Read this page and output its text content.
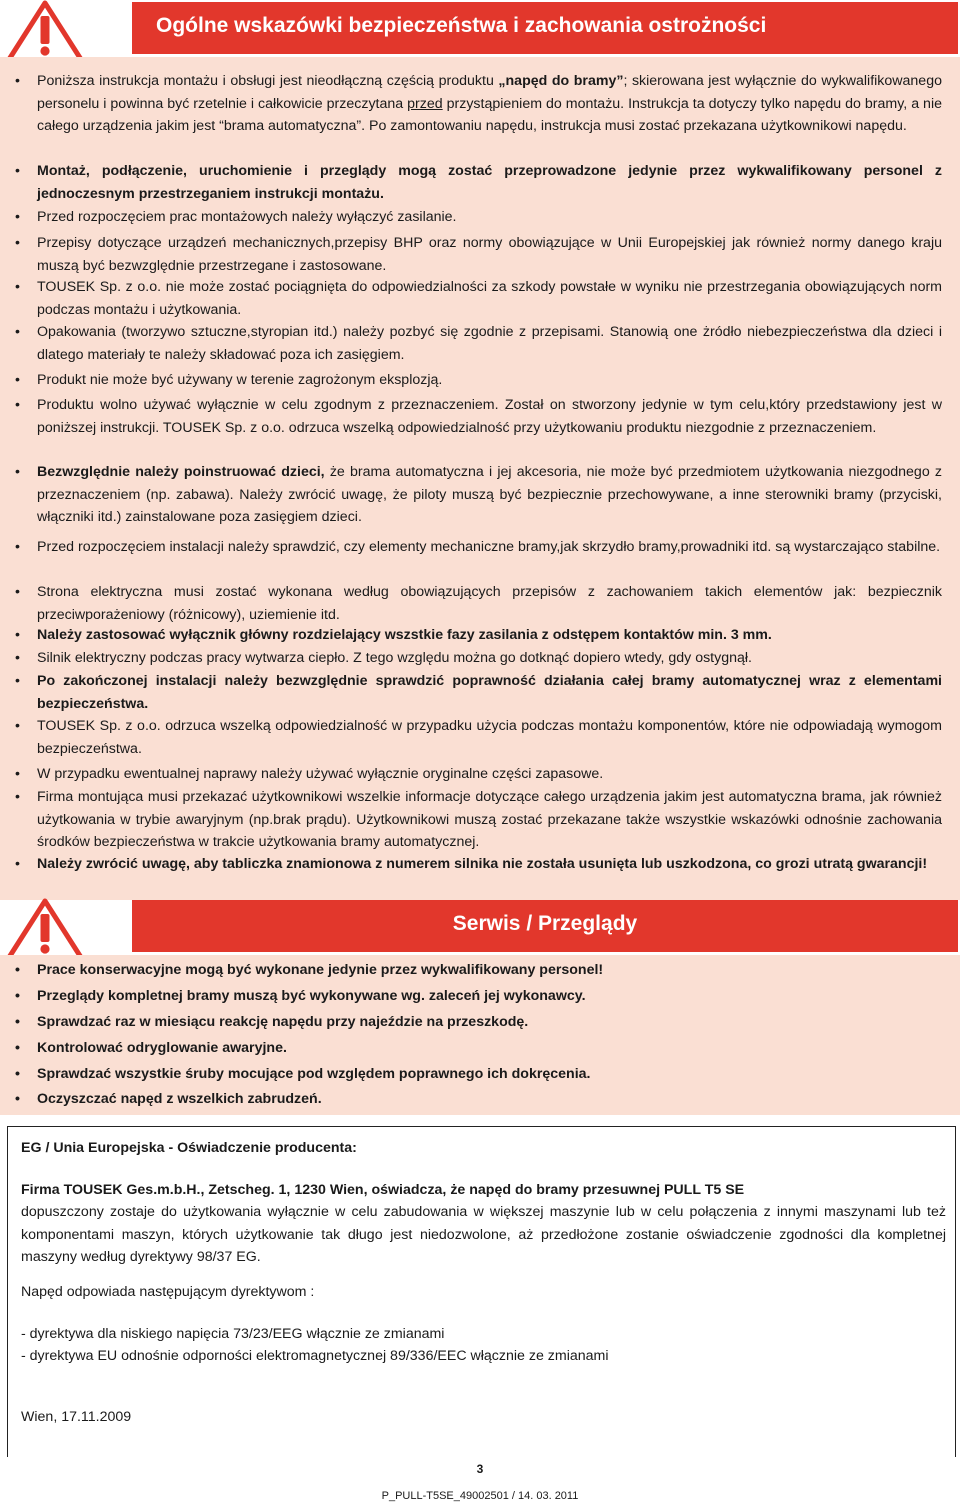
Ogólne wskazówki bezpieczeństwa i zachowania ostrożności
• Poniższa instrukcja montażu i obsługi jest nieodłączną częścią produktu „napęd do bramy”; skierowana jest wyłącznie do wykwalifikowanego personelu i powinna być rzetelnie i całkowicie przeczytana przed przystąpieniem do montażu. Instrukcja ta dotyczy tylko napędu do bramy, a nie całego urządzenia jakim jest “brama automatyczna”. Po zamontowaniu napędu, instrukcja musi zostać przekazana użytkownikowi napędu.
• Montaż, podłączenie, uruchomienie i przeglądy mogą zostać przeprowadzone jedynie przez wykwalifikowany personel z jednoczesnym przestrzeganiem instrukcji montażu.
• Przed rozpoczęciem prac montażowych należy wyłączyć zasilanie.
• Przepisy dotyczące urządzeń mechanicznych,przepisy BHP oraz normy obowiązujące w Unii Europejskiej jak również normy danego kraju muszą być bezwzględnie przestrzegane i zastosowane.
• TOUSEK Sp. z o.o. nie może zostać pociągnięta do odpowiedzialności za szkody powstałe w wyniku nie przestrzegania obowiązujących norm podczas montażu i użytkowania.
• Opakowania (tworzywo sztuczne,styropian itd.) należy pozbyć się zgodnie z przepisami. Stanowią one żródło niebezpieczeństwa dla dzieci i dlatego materiały te należy składować poza ich zasięgiem.
• Produkt nie może być używany w terenie zagrożonym eksplozją.
• Produktu wolno używać wyłącznie w celu zgodnym z przeznaczeniem. Został on stworzony jedynie w tym celu,który przedstawiony jest w poniższej instrukcji. TOUSEK Sp. z o.o. odrzuca wszelką odpowiedzialność przy użytkowaniu produktu niezgodnie z przeznaczeniem.
• Bezwzględnie należy poinstruować dzieci, że brama automatyczna i jej akcesoria, nie może być przedmiotem użytkowania niezgodnego z przeznaczeniem (np. zabawa). Należy zwrócić uwagę, że piloty muszą być bezpiecznie przechowywane, a inne sterowniki bramy (przyciski, włączniki itd.) zainstalowane poza zasięgiem dzieci.
• Przed rozpoczęciem instalacji należy sprawdzić, czy elementy mechaniczne bramy,jak skrzydło bramy,prowadniki itd. są wystarczająco stabilne.
• Strona elektryczna musi zostać wykonana według obowiązujących przepisów z zachowaniem takich elementów jak: bezpiecznik przeciwporażeniowy (różnicowy), uziemienie itd.
• Należy zastosować wyłącznik główny rozdzielający wszstkie fazy zasilania z odstępem kontaktów min. 3 mm.
• Silnik elektryczny podczas pracy wytwarza ciepło. Z tego względu można go dotknąć dopiero wtedy, gdy ostygnął.
• Po zakończonej instalacji należy bezwzględnie sprawdzić poprawność działania całej bramy automatycznej wraz z elementami bezpieczeństwa.
• TOUSEK Sp. z o.o. odrzuca wszelką odpowiedzialność w przypadku użycia podczas montażu komponentów, które nie odpowiadają wymogom bezpieczeństwa.
• W przypadku ewentualnej naprawy należy używać wyłącznie oryginalne części zapasowe.
• Firma montująca musi przekazać użytkownikowi wszelkie informacje dotyczące całego urządzenia jakim jest automatyczna brama, jak również użytkowania w trybie awaryjnym (np.brak prądu). Użytkownikowi muszą zostać przekazane także wszystkie wskazówki odnośnie zachowania środków bezpieczeństwa w trakcie użytkowania bramy automatycznej.
• Należy zwrócić uwagę, aby tabliczka znamionowa z numerem silnika nie została usunięta lub uszkodzona, co grozi utratą gwarancji!
Serwis / Przeglądy
• Prace konserwacyjne mogą być wykonane jedynie przez wykwalifikowany personel!
• Przeglądy kompletnej bramy muszą być wykonywane wg. zaleceń jej wykonawcy.
• Sprawdzać raz w miesiącu reakcję napędu przy najeździe na przeszkodę.
• Kontrolować odryglowanie awaryjne.
• Sprawdzać wszystkie śruby mocujące pod względem poprawnego ich dokręcenia.
• Oczyszczać napęd z wszelkich zabrudzeń.
EG / Unia Europejska - Oświadczenie producenta:
Firma TOUSEK Ges.m.b.H., Zetscheg. 1, 1230 Wien, oświadcza, że napęd do bramy przesuwnej PULL T5 SE
dopuszczony zostaje do użytkowania wyłącznie w celu zabudowania w większej maszynie lub w celu połączenia z innymi maszynami lub też komponentami maszyn, których użytkowanie tak długo jest niedozwolone, aż przedłożone zostanie oświadczenie zgodności dla kompletnej maszyny według dyrektywy 98/37 EG.
Napęd odpowiada następującym dyrektywom :
- dyrektywa dla niskiego napięcia 73/23/EEG włącznie ze zmianami
- dyrektywa EU odnośnie odporności elektromagnetycznej 89/336/EEC włącznie ze zmianami
Wien, 17.11.2009
3
P_PULL-T5SE_49002501 / 14. 03. 2011
